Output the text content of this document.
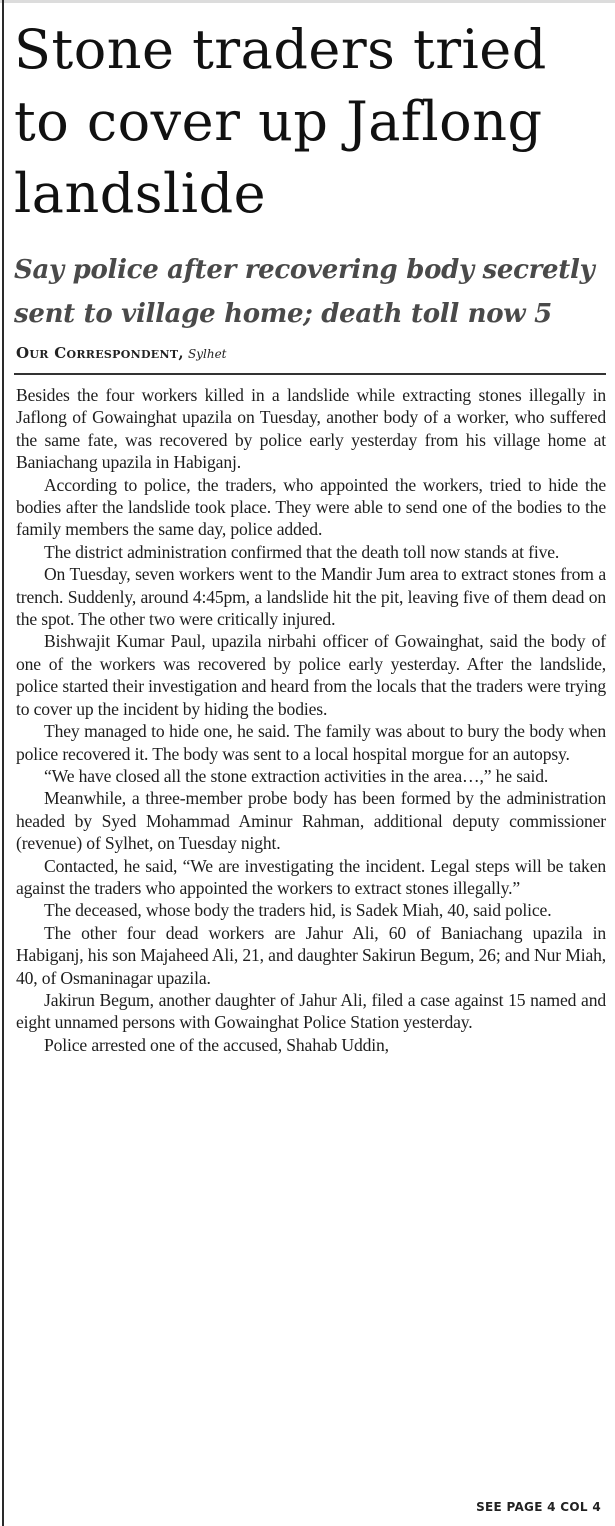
Stone traders tried to cover up Jaflong landslide
Say police after recovering body secretly sent to village home; death toll now 5
Our Correspondent, Sylhet

Besides the four workers killed in a landslide while extracting stones illegally in Jaflong of Gowainghat upazila on Tuesday, another body of a worker, who suffered the same fate, was recovered by police early yesterday from his village home at Baniachang upazila in Habiganj.

According to police, the traders, who appointed the workers, tried to hide the bodies after the landslide took place. They were able to send one of the bodies to the family members the same day, police added.

The district administration confirmed that the death toll now stands at five.

On Tuesday, seven workers went to the Mandir Jum area to extract stones from a trench. Suddenly, around 4:45pm, a landslide hit the pit, leaving five of them dead on the spot. The other two were critically injured.

Bishwajit Kumar Paul, upazila nirbahi officer of Gowainghat, said the body of one of the workers was recovered by police early yesterday. After the landslide, police started their investigation and heard from the locals that the traders were trying to cover up the incident by hiding the bodies.

They managed to hide one, he said. The family was about to bury the body when police recovered it. The body was sent to a local hospital morgue for an autopsy.

“We have closed all the stone extraction activities in the area…,” he said.

Meanwhile, a three-member probe body has been formed by the administration headed by Syed Mohammad Aminur Rahman, additional deputy commissioner (revenue) of Sylhet, on Tuesday night.

Contacted, he said, “We are investigating the incident. Legal steps will be taken against the traders who appointed the workers to extract stones illegally.”

The deceased, whose body the traders hid, is Sadek Miah, 40, said police.

The other four dead workers are Jahur Ali, 60 of Baniachang upazila in Habiganj, his son Majaheed Ali, 21, and daughter Sakirun Begum, 26; and Nur Miah, 40, of Osmaninagar upazila.

Jakirun Begum, another daughter of Jahur Ali, filed a case against 15 named and eight unnamed persons with Gowainghat Police Station yesterday.

Police arrested one of the accused, Shahab Uddin,

SEE PAGE 4 COL 4
